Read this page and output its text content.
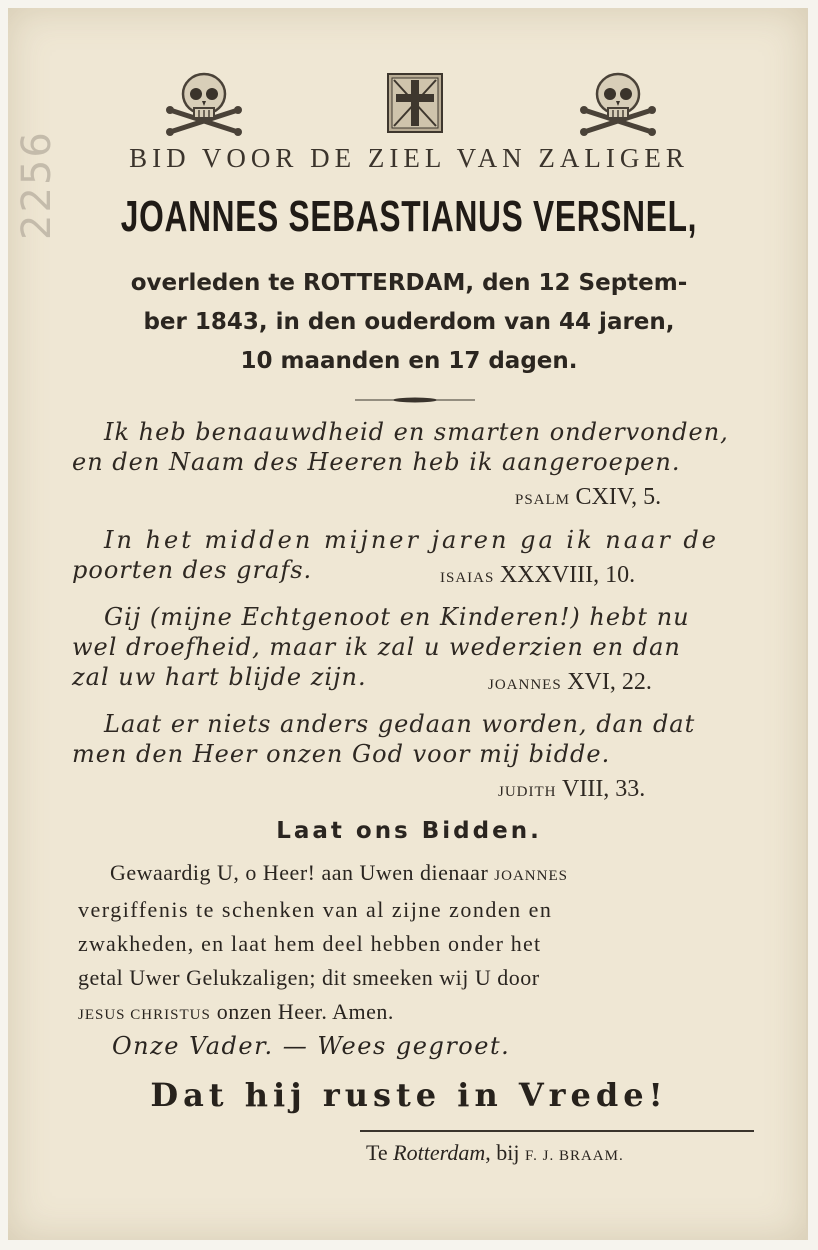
2256	BID VOOR DE ZIEL VAN ZALIGER
JOANNES SEBASTIANUS VERSNEL,
overleden te ROTTERDAM, den 12 Septem-
ber 1843, in den ouderdom van 44 jaren,
10 maanden en 17 dagen.
Ik heb benaauwdheid en smarten ondervonden,
en den Naam des Heeren heb ik aangeroepen.
PSALM CXIV, 5.
In het midden mijner jaren ga ik naar de
poorten des grafs.	ISAIAS XXXVIII, 10.
Gij (mijne Echtgenoot en Kinderen!) hebt nu
wel droefheid, maar ik zal u wederzien en dan
zal uw hart blijde zijn.	JOANNES XVI, 22.
Laat er niets anders gedaan worden, dan dat
men den Heer onzen God voor mij bidde.
JUDITH VIII, 33.
Laat ons Bidden.
Gewaardig U, o Heer! aan Uwen dienaar JOANNES
vergiffenis te schenken van al zijne zonden en
zwakheden, en laat hem deel hebben onder het
getal Uwer Gelukzaligen; dit smeeken wij U door
JESUS CHRISTUS onzen Heer. Amen.
Onze Vader. — Wees gegroet.
Dat hij ruste in Vrede!
Te Rotterdam, bij F. J. BRAAM.
